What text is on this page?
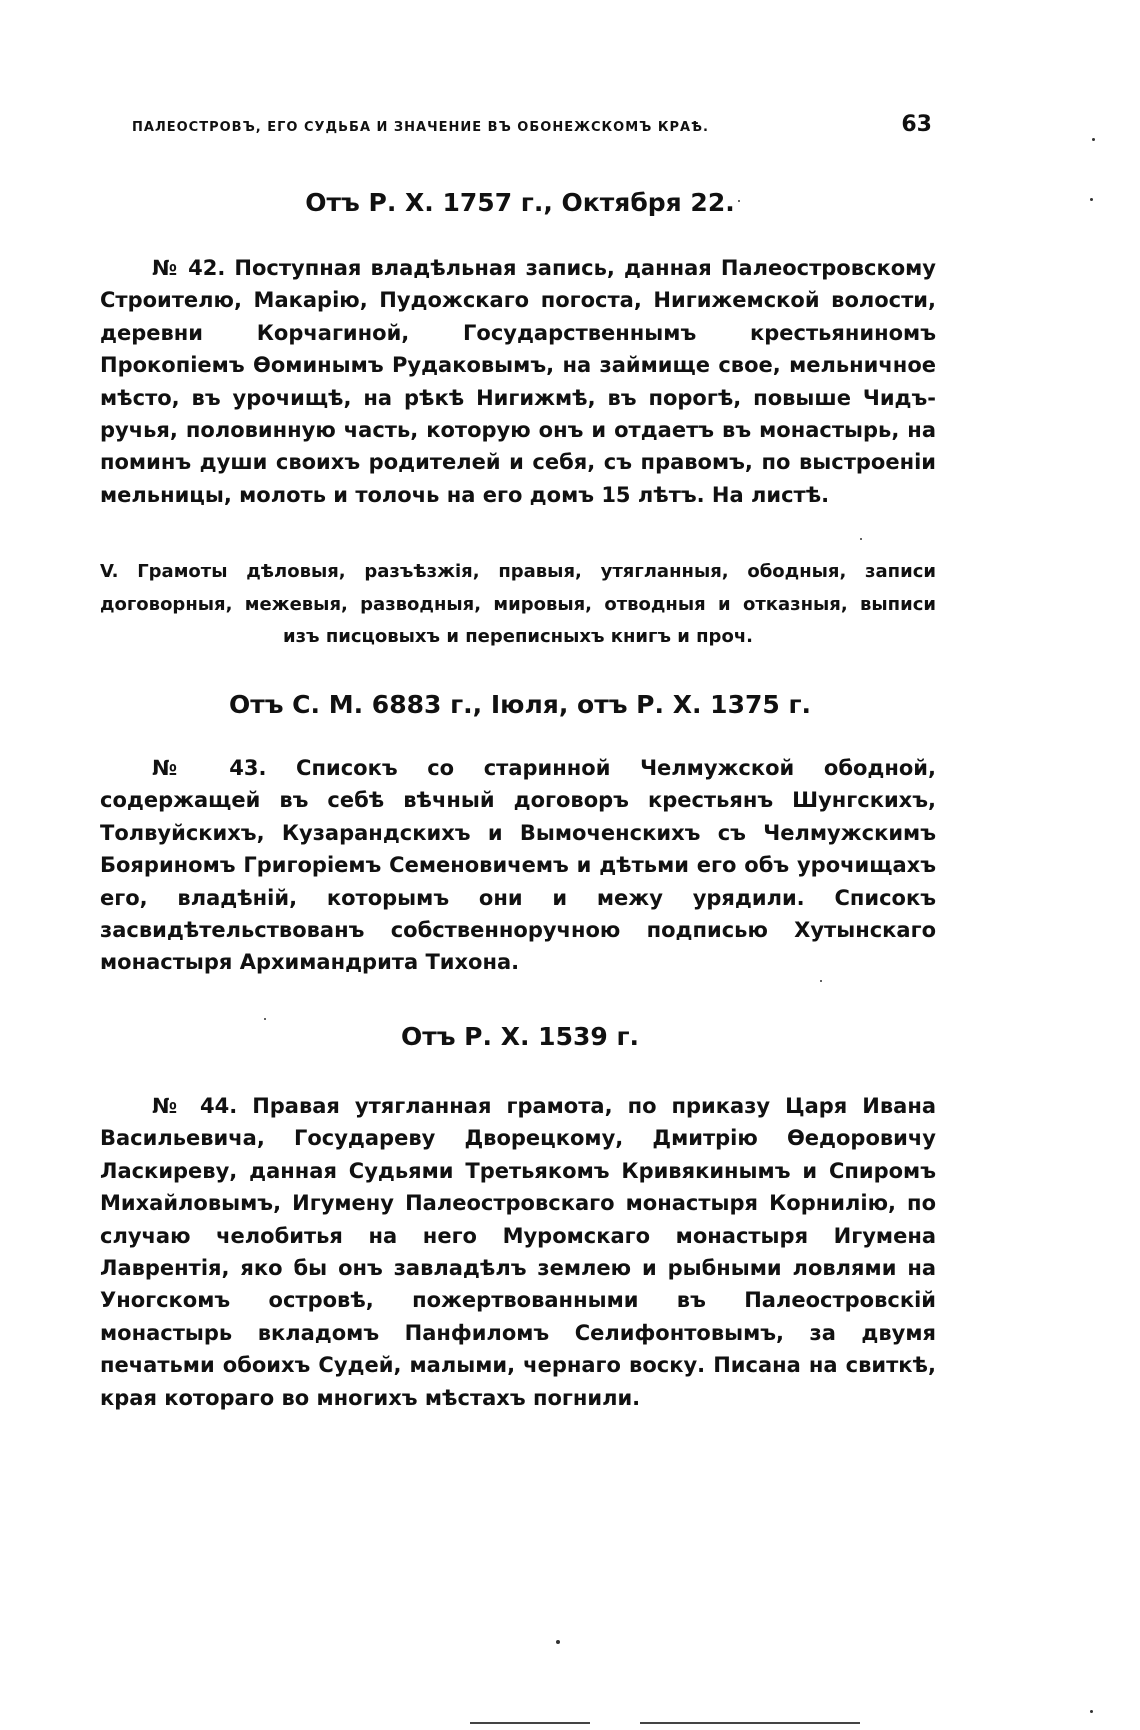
ПАЛЕОСТРОВЪ, ЕГО СУДЬБА И ЗНАЧЕНИЕ ВЪ ОБОНЕЖСКОМЪ КРАѢ.	63
Отъ Р. Х. 1757 г., Октября 22.

№ 42. Поступная владѣльная запись, данная Палеостровскому Строителю, Макарію, Пудожскаго погоста, Нигижемской волости, деревни Корчагиной, Государственнымъ крестьяниномъ Прокопіемъ Ѳоминымъ Рудаковымъ, на займище свое, мельничное мѣсто, въ урочищѣ, на рѣкѣ Нигижмѣ, въ порогѣ, повыше Чидъ-ручья, половинную часть, которую онъ и отдаетъ въ монастырь, на поминъ души своихъ родителей и себя, съ правомъ, по выстроеніи мельницы, молоть и толочь на его домъ 15 лѣтъ. На листѣ.

V. Грамоты дѣловыя, разъѣзжія, правыя, утягланныя, ободныя, записи договорныя, межевыя, разводныя, мировыя, отводныя и отказныя, выписи изъ писцовыхъ и переписныхъ книгъ и проч.

Отъ С. М. 6883 г., Іюля, отъ Р. Х. 1375 г.

№ 43. Списокъ со старинной Челмужской ободной, содержащей въ себѣ вѣчный договоръ крестьянъ Шунгскихъ, Толвуйскихъ, Кузарандскихъ и Вымоченскихъ съ Челмужскимъ Бояриномъ Григоріемъ Семеновичемъ и дѣтьми его объ урочищахъ его, владѣній, которымъ они и межу урядили. Списокъ засвидѣтельствованъ собственноручною подписью Хутынскаго монастыря Архимандрита Тихона.

Отъ Р. Х. 1539 г.

№ 44. Правая утягланная грамота, по приказу Царя Ивана Васильевича, Государеву Дворецкому, Дмитрію Ѳедоровичу Ласкиреву, данная Судьями Третьякомъ Кривякинымъ и Спиромъ Михайловымъ, Игумену Палеостровскаго монастыря Корнилію, по случаю челобитья на него Муромскаго монастыря Игумена Лаврентія, яко бы онъ завладѣлъ землею и рыбными ловлями на Уногскомъ островѣ, пожертвованными въ Палеостровскій монастырь вкладомъ Панфиломъ Селифонтовымъ, за двумя печатьми обоихъ Судей, малыми, чернаго воску. Писана на свиткѣ, края котораго во многихъ мѣстахъ погнили.
